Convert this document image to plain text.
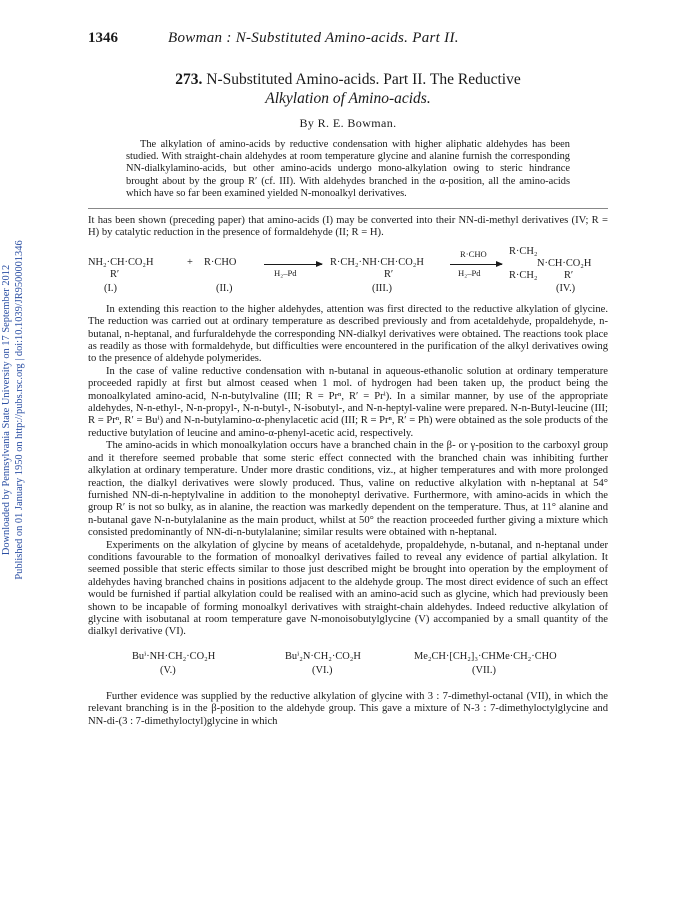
Downloaded by Pennsylvania State University on 17 September 2012 Published on 01 January 1950 on http://pubs.rsc.org | doi:10.1039/JR9500001346
1346	Bowman : N-Substituted Amino-acids. Part II.
273. N-Substituted Amino-acids. Part II. The Reductive
Alkylation of Amino-acids.
By R. E. Bowman.

The alkylation of amino-acids by reductive condensation with higher aliphatic aldehydes has been studied. With straight-chain aldehydes at room temperature glycine and alanine furnish the corresponding NN-dialkylamino-acids, but other amino-acids undergo mono-alkylation owing to steric hindrance brought about by the group R′ (cf. III). With aldehydes branched in the α-position, all the amino-acids which have so far been examined yielded N-monoalkyl derivatives.

It has been shown (preceding paper) that amino-acids (I) may be converted into their NN-di-methyl derivatives (IV; R = H) by catalytic reduction in the presence of formaldehyde (II; R = H).

NH₂·CH·CO₂H
R′
+ R·CHO
H₂–Pd
R·CH₂·NH·CH·CO₂H
R′
R·CHO
H₂–Pd
R·CH₂
N·CH·CO₂H
R·CH₂	R′
(I.)	(II.)	(III.)	(IV.)

In extending this reaction to the higher aldehydes, attention was first directed to the reductive alkylation of glycine. The reduction was carried out at ordinary temperature as described previously and from acetaldehyde, propaldehyde, n-butanal, n-heptanal, and furfuraldehyde the corresponding NN-dialkyl derivatives were obtained. The reactions took place as readily as those with formaldehyde, but difficulties were encountered in the purification of the alkyl derivatives owing to the presence of aldehyde polymerides.

In the case of valine reductive condensation with n-butanal in aqueous-ethanolic solution at ordinary temperature proceeded rapidly at first but almost ceased when 1 mol. of hydrogen had been taken up, the product being the monoalkylated amino-acid, N-n-butylvaline (III; R = Prⁿ, R′ = Prⁱ). In a similar manner, by use of the appropriate aldehydes, N-n-ethyl-, N-n-propyl-, N-n-butyl-, N-isobutyl-, and N-n-heptyl-valine were prepared. N-n-Butyl-leucine (III; R = Prⁿ, R′ = Buⁱ) and N-n-butylamino-α-phenylacetic acid (III; R = Prⁿ, R′ = Ph) were obtained as the sole products of the reductive butylation of leucine and amino-α-phenyl-acetic acid, respectively.

The amino-acids in which monoalkylation occurs have a branched chain in the β- or γ-position to the carboxyl group and it therefore seemed probable that some steric effect connected with the branched chain was inhibiting further alkylation at ordinary temperature. Under more drastic conditions, viz., at higher temperatures and with more prolonged reaction, the dialkyl derivatives were slowly produced. Thus, valine on reductive alkylation with n-heptanal at 54° furnished NN-di-n-heptylvaline in addition to the monoheptyl derivative. Furthermore, with amino-acids in which the group R′ is not so bulky, as in alanine, the reaction was markedly dependent on the temperature. Thus, at 11° alanine and n-butanal gave N-n-butylalanine as the main product, whilst at 50° the reaction proceeded further giving a mixture which consisted predominantly of NN-di-n-butylalanine; similar results were obtained with n-heptanal.

Experiments on the alkylation of glycine by means of acetaldehyde, propaldehyde, n-butanal, and n-heptanal under conditions favourable to the formation of monoalkyl derivatives failed to reveal any evidence of partial alkylation. It seemed possible that steric effects similar to those just described might be brought into operation by the employment of aldehydes having branched chains in positions adjacent to the aldehyde group. The most direct evidence of such an effect would be furnished if partial alkylation could be realised with an amino-acid such as glycine, which had previously been shown to be incapable of forming monoalkyl derivatives with straight-chain aldehydes. Indeed reductive alkylation of glycine with isobutanal at room temperature gave N-monoisobutylglycine (V) accompanied by a small quantity of the dialkyl derivative (VI).

Buⁱ·NH·CH₂·CO₂H	Buⁱ₂N·CH₂·CO₂H	Me₂CH·[CH₂]₃·CHMe·CH₂·CHO
(V.)	(VI.)	(VII.)

Further evidence was supplied by the reductive alkylation of glycine with 3 : 7-dimethyl-octanal (VII), in which the relevant branching is in the β-position to the aldehyde group. This gave a mixture of N-3 : 7-dimethyloctylglycine and NN-di-(3 : 7-dimethyloctyl)glycine in which
